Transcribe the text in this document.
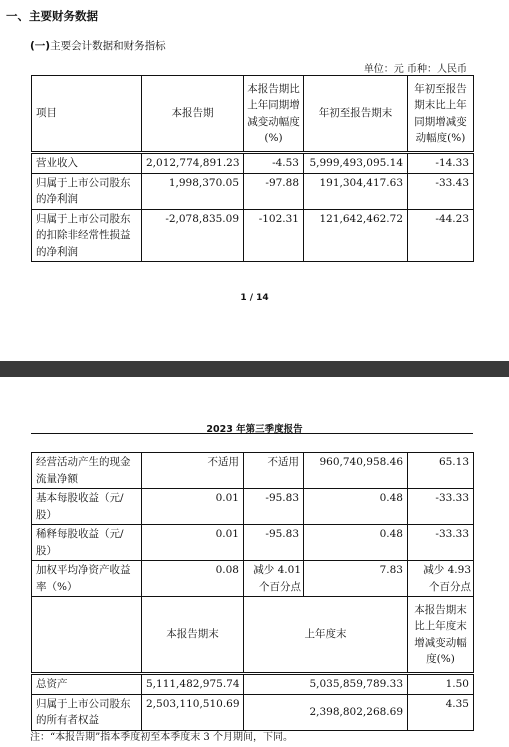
一、主要财务数据
(一)主要会计数据和财务指标
单位：元 币种：人民币
项目	本报告期	本报告期比上年同期增减变动幅度(%)	年初至报告期末	年初至报告期末比上年同期增减变动幅度(%)
营业收入	2,012,774,891.23	-4.53	5,999,493,095.14	-14.33
归属于上市公司股东的净利润	1,998,370.05	-97.88	191,304,417.63	-33.43
归属于上市公司股东的扣除非经常性损益的净利润	-2,078,835.09	-102.31	121,642,462.72	-44.23
1 / 14
2023 年第三季度报告
经营活动产生的现金流量净额	不适用	不适用	960,740,958.46	65.13
基本每股收益（元/股）	0.01	-95.83	0.48	-33.33
稀释每股收益（元/股）	0.01	-95.83	0.48	-33.33
加权平均净资产收益率（%）	0.08	减少 4.01 个百分点	7.83	减少 4.93 个百分点
	本报告期末	上年度末		本报告期末比上年度末增减变动幅度(%)
总资产	5,111,482,975.74	5,035,859,789.33		1.50
归属于上市公司股东的所有者权益	2,503,110,510.69	2,398,802,268.69		4.35
注：“本报告期”指本季度初至本季度末 3 个月期间，下同。
